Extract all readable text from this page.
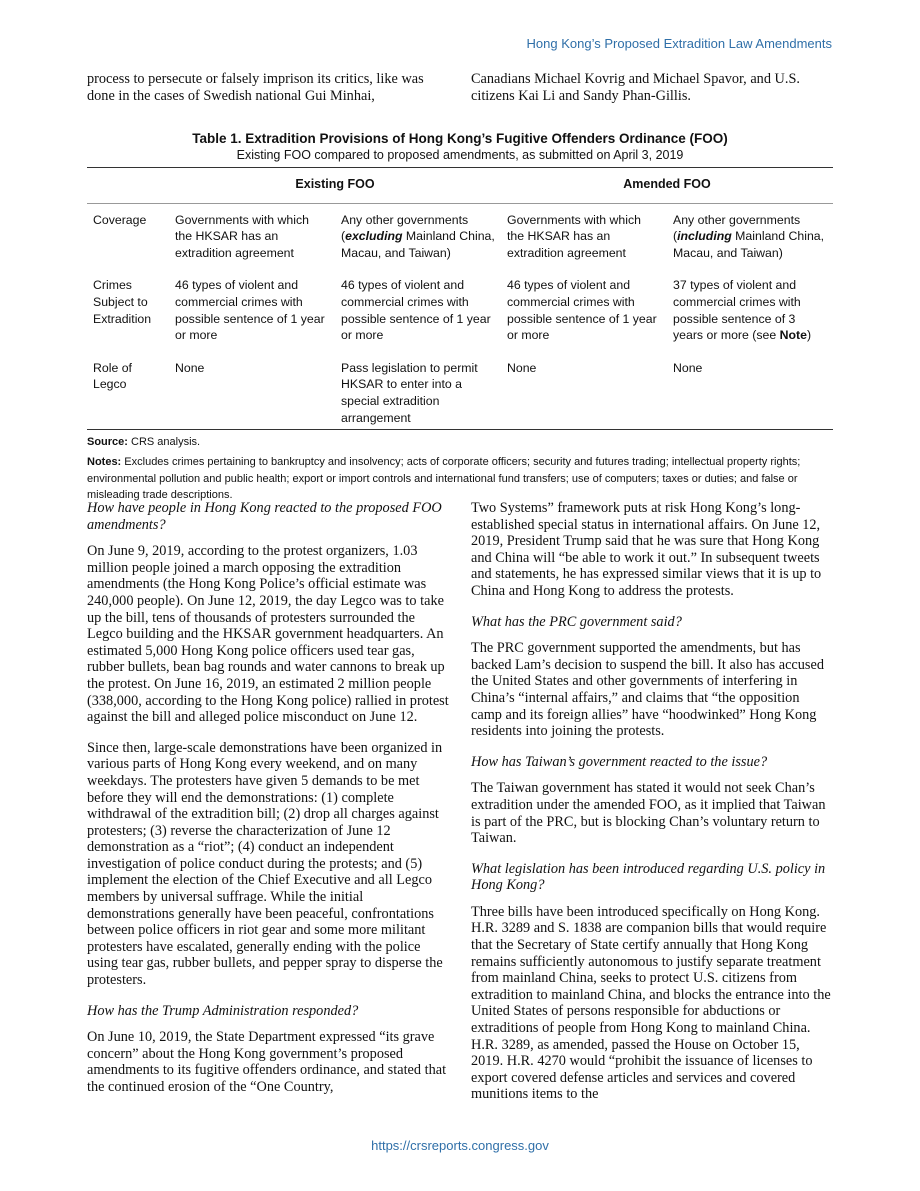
Hong Kong’s Proposed Extradition Law Amendments

process to persecute or falsely imprison its critics, like was done in the cases of Swedish national Gui Minhai,

Canadians Michael Kovrig and Michael Spavor, and U.S. citizens Kai Li and Sandy Phan-Gillis.

Table 1. Extradition Provisions of Hong Kong’s Fugitive Offenders Ordinance (FOO)
Existing FOO compared to proposed amendments, as submitted on April 3, 2019
	Existing FOO		Amended FOO	
Coverage	Governments with which the HKSAR has an extradition agreement	Any other governments (excluding Mainland China, Macau, and Taiwan)	Governments with which the HKSAR has an extradition agreement	Any other governments (including Mainland China, Macau, and Taiwan)
Crimes Subject to Extradition	46 types of violent and commercial crimes with possible sentence of 1 year or more	46 types of violent and commercial crimes with possible sentence of 1 year or more	46 types of violent and commercial crimes with possible sentence of 1 year or more	37 types of violent and commercial crimes with possible sentence of 3 years or more (see Note)
Role of Legco	None	Pass legislation to permit HKSAR to enter into a special extradition arrangement	None	None
Source: CRS analysis.
Notes: Excludes crimes pertaining to bankruptcy and insolvency; acts of corporate officers; security and futures trading; intellectual property rights; environmental pollution and public health; export or import controls and international fund transfers; use of computers; taxes or duties; and false or misleading trade descriptions.

How have people in Hong Kong reacted to the proposed FOO amendments?

On June 9, 2019, according to the protest organizers, 1.03 million people joined a march opposing the extradition amendments (the Hong Kong Police’s official estimate was 240,000 people). On June 12, 2019, the day Legco was to take up the bill, tens of thousands of protesters surrounded the Legco building and the HKSAR government headquarters. An estimated 5,000 Hong Kong police officers used tear gas, rubber bullets, bean bag rounds and water cannons to break up the protest. On June 16, 2019, an estimated 2 million people (338,000, according to the Hong Kong police) rallied in protest against the bill and alleged police misconduct on June 12.

Since then, large-scale demonstrations have been organized in various parts of Hong Kong every weekend, and on many weekdays. The protesters have given 5 demands to be met before they will end the demonstrations: (1) complete withdrawal of the extradition bill; (2) drop all charges against protesters; (3) reverse the characterization of June 12 demonstration as a “riot”; (4) conduct an independent investigation of police conduct during the protests; and (5) implement the election of the Chief Executive and all Legco members by universal suffrage. While the initial demonstrations generally have been peaceful, confrontations between police officers in riot gear and some more militant protesters have escalated, generally ending with the police using tear gas, rubber bullets, and pepper spray to disperse the protesters.

How has the Trump Administration responded?

On June 10, 2019, the State Department expressed “its grave concern” about the Hong Kong government’s proposed amendments to its fugitive offenders ordinance, and stated that the continued erosion of the “One Country,

Two Systems” framework puts at risk Hong Kong’s long-established special status in international affairs. On June 12, 2019, President Trump said that he was sure that Hong Kong and China will “be able to work it out.” In subsequent tweets and statements, he has expressed similar views that it is up to China and Hong Kong to address the protests.

What has the PRC government said?

The PRC government supported the amendments, but has backed Lam’s decision to suspend the bill. It also has accused the United States and other governments of interfering in China’s “internal affairs,” and claims that “the opposition camp and its foreign allies” have “hoodwinked” Hong Kong residents into joining the protests.

How has Taiwan’s government reacted to the issue?

The Taiwan government has stated it would not seek Chan’s extradition under the amended FOO, as it implied that Taiwan is part of the PRC, but is blocking Chan’s voluntary return to Taiwan.

What legislation has been introduced regarding U.S. policy in Hong Kong?

Three bills have been introduced specifically on Hong Kong. H.R. 3289 and S. 1838 are companion bills that would require that the Secretary of State certify annually that Hong Kong remains sufficiently autonomous to justify separate treatment from mainland China, seeks to protect U.S. citizens from extradition to mainland China, and blocks the entrance into the United States of persons responsible for abductions or extraditions of people from Hong Kong to mainland China. H.R. 3289, as amended, passed the House on October 15, 2019. H.R. 4270 would “prohibit the issuance of licenses to export covered defense articles and services and covered munitions items to the

https://crsreports.congress.gov
